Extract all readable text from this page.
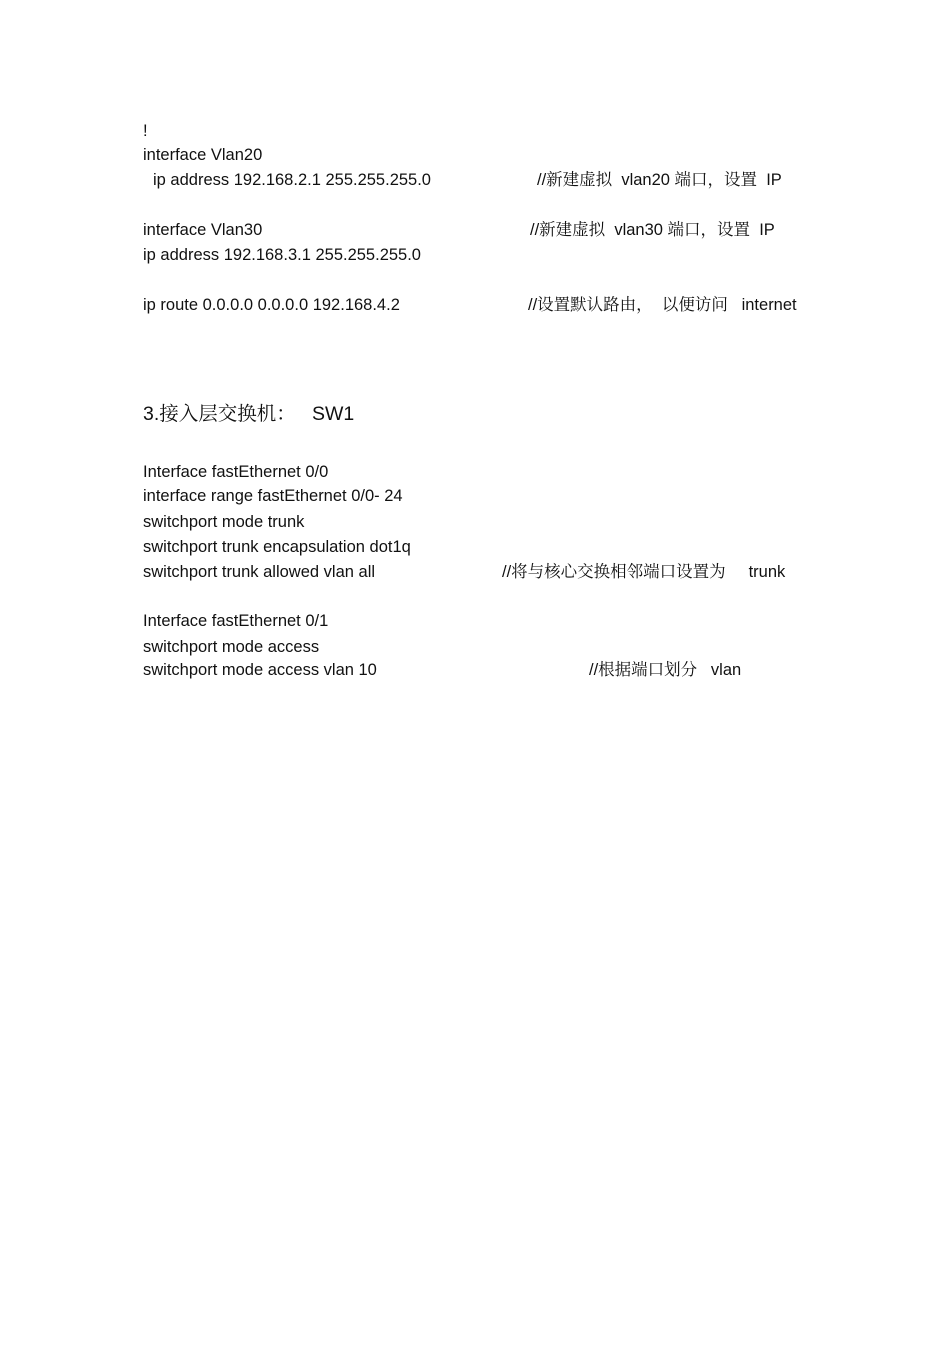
!
interface Vlan20
ip address 192.168.2.1 255.255.255.0	//新建虚拟  vlan20 端口，设置  IP
interface Vlan30	//新建虚拟  vlan30 端口，设置  IP
ip address 192.168.3.1 255.255.255.0
ip route 0.0.0.0 0.0.0.0 192.168.4.2	//设置默认路由，  以便访问   internet
3.接入层交换机：   SW1
Interface fastEthernet 0/0
interface range fastEthernet 0/0- 24
switchport mode trunk
switchport trunk encapsulation dot1q
switchport trunk allowed vlan all	//将与核心交换相邻端口设置为     trunk
Interface fastEthernet 0/1
switchport mode access
switchport mode access vlan 10	//根据端口划分   vlan
